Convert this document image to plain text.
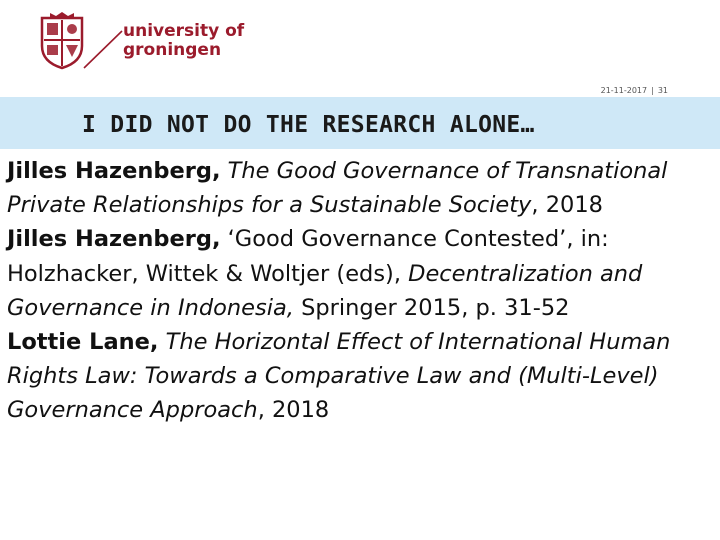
university of
groningen
21-11-2017 | 31
I DID NOT DO THE RESEARCH ALONE…

Jilles Hazenberg, The Good Governance of Transnational Private Relationships for a Sustainable Society, 2018

Jilles Hazenberg, ‘Good Governance Contested’, in: Holzhacker, Wittek & Woltjer (eds), Decentralization and Governance in Indonesia, Springer 2015, p. 31-52

Lottie Lane, The Horizontal Effect of International Human Rights Law: Towards a Comparative Law and (Multi-Level) Governance Approach, 2018
